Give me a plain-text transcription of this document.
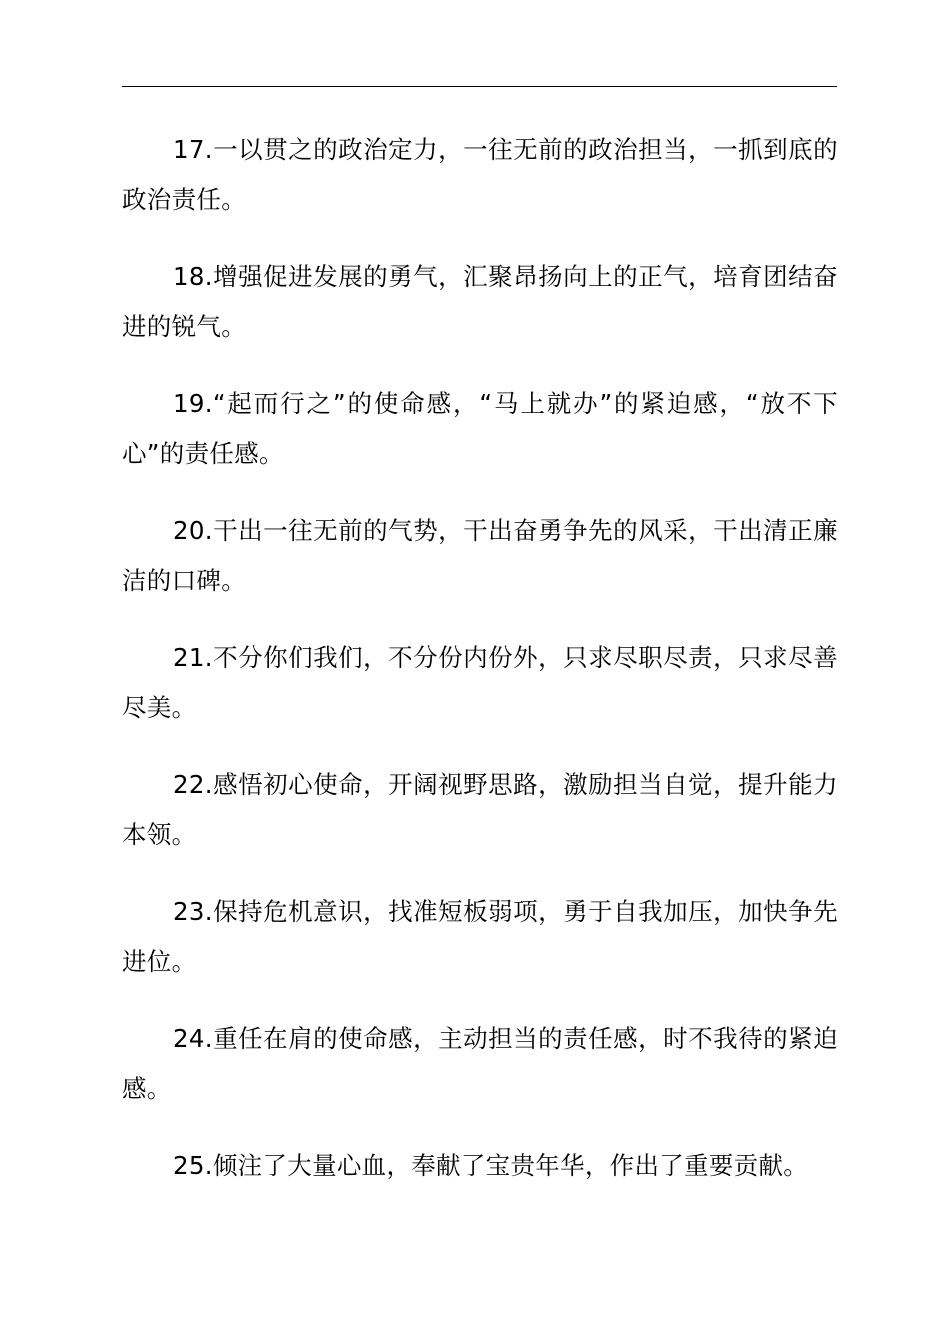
17.一以贯之的政治定力，一往无前的政治担当，一抓到底的政治责任。

18.增强促进发展的勇气，汇聚昂扬向上的正气，培育团结奋进的锐气。

19.“起而行之”的使命感，“马上就办”的紧迫感，“放不下心”的责任感。

20.干出一往无前的气势，干出奋勇争先的风采，干出清正廉洁的口碑。

21.不分你们我们，不分份内份外，只求尽职尽责，只求尽善尽美。

22.感悟初心使命，开阔视野思路，激励担当自觉，提升能力本领。

23.保持危机意识，找准短板弱项，勇于自我加压，加快争先进位。

24.重任在肩的使命感，主动担当的责任感，时不我待的紧迫感。

25.倾注了大量心血，奉献了宝贵年华，作出了重要贡献。
